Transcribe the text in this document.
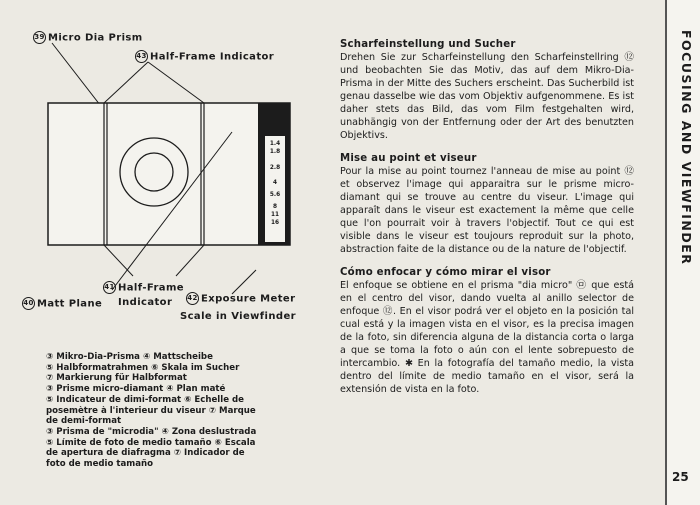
39 Micro Dia Prism
43 Half-Frame Indicator
1.4
1.8
2.8
4
5.6
8
11
16
41 Half-Frame
Indicator
40 Matt Plane
42 Exposure Meter
Scale in Viewfinder
③ Mikro-Dia-Prisma ④ Mattscheibe
⑤ Halbformatrahmen ⑥ Skala im Sucher
⑦ Markierung für Halbformat
③ Prisme micro-diamant ④ Plan maté
⑤ Indicateur de dimi-format ⑥ Echelle de
posemètre à l'interieur du viseur ⑦ Marque
de demi-format
③ Prisma de "microdia" ④ Zona deslustrada
⑤ Límite de foto de medio tamaño ⑥ Escala
de apertura de diafragma ⑦ Indicador de
foto de medio tamaño
Scharfeinstellung und Sucher

Drehen Sie zur Scharfeinstellung den Scharfeinstellring ⑫ und beobachten Sie das Motiv, das auf dem Mikro-Dia-Prisma in der Mitte des Suchers erscheint. Das Sucherbild ist genau dasselbe wie das vom Objektiv aufgenommene. Es ist daher stets das Bild, das vom Film festgehalten wird, unabhängig von der Entfernung oder der Art des benutzten Objektivs.

Mise au point et viseur

Pour la mise au point tournez l'anneau de mise au point ⑫ et observez l'image qui apparaitra sur le prisme micro-diamant qui se trouve au centre du viseur. L'image qui apparaît dans le viseur est exactement la même que celle que l'on pourrait voir à travers l'objectif. Tout ce qui est visible dans le viseur est toujours reproduit sur la photo, abstraction faite de la distance ou de la nature de l'objectif.

Cómo enfocar y cómo mirar el visor

El enfoque se obtiene en el prisma "dia micro" ㉤ que está en el centro del visor, dando vuelta al anillo selector de enfoque ⑫. En el visor podrá ver el objeto en la posición tal cual está y la imagen vista en el visor, es la precisa imagen de la foto, sin diferencia alguna de la distancia corta o larga a que se toma la foto o aún con el lente sobrepuesto de intercambio. ✱ En la fotografía del tamaño medio, la vista dentro del límite de medio tamaño en el visor, será la extensión de vista en la foto.

FOCUSING AND VIEWFINDER
25
